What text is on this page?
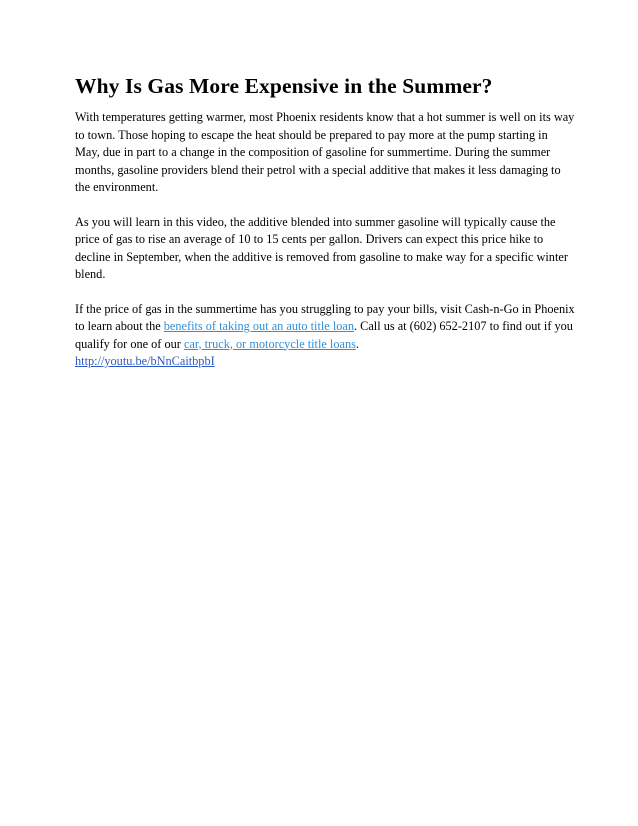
Why Is Gas More Expensive in the Summer?

With temperatures getting warmer, most Phoenix residents know that a hot summer is well on its way to town. Those hoping to escape the heat should be prepared to pay more at the pump starting in May, due in part to a change in the composition of gasoline for summertime. During the summer months, gasoline providers blend their petrol with a special additive that makes it less damaging to the environment.

As you will learn in this video, the additive blended into summer gasoline will typically cause the price of gas to rise an average of 10 to 15 cents per gallon. Drivers can expect this price hike to decline in September, when the additive is removed from gasoline to make way for a specific winter blend.

If the price of gas in the summertime has you struggling to pay your bills, visit Cash-n-Go in Phoenix to learn about the benefits of taking out an auto title loan. Call us at (602) 652-2107 to find out if you qualify for one of our car, truck, or motorcycle title loans.
http://youtu.be/bNnCaitbpbI
